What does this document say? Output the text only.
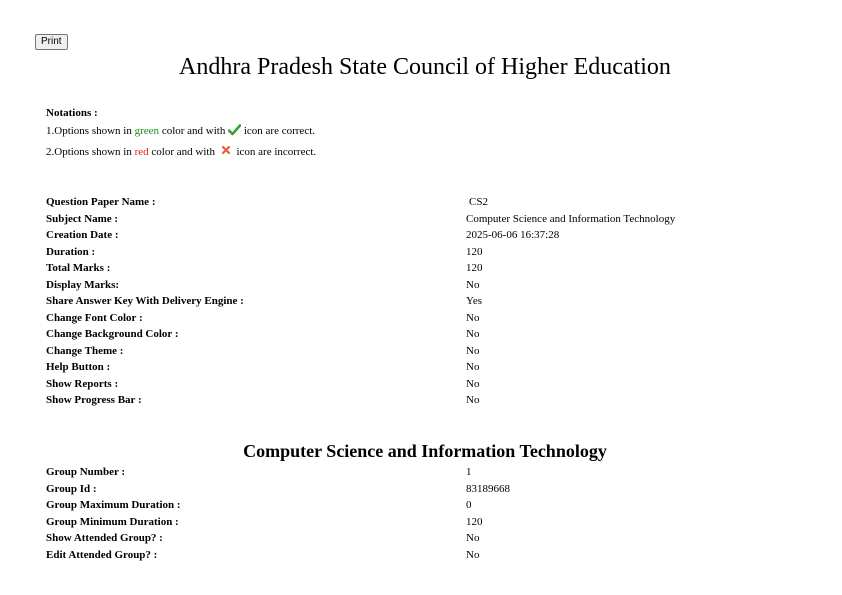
Print
Andhra Pradesh State Council of Higher Education
Notations :
1.Options shown in green color and with  icon are correct.
2.Options shown in red color and with  icon are incorrect.
Question Paper Name :	CS2
Subject Name :	Computer Science and Information Technology
Creation Date :	2025-06-06 16:37:28
Duration :	120
Total Marks :	120
Display Marks:	No
Share Answer Key With Delivery Engine :	Yes
Change Font Color :	No
Change Background Color :	No
Change Theme :	No
Help Button :	No
Show Reports :	No
Show Progress Bar :	No
Computer Science and Information Technology
Group Number :	1
Group Id :	83189668
Group Maximum Duration :	0
Group Minimum Duration :	120
Show Attended Group? :	No
Edit Attended Group? :	No
